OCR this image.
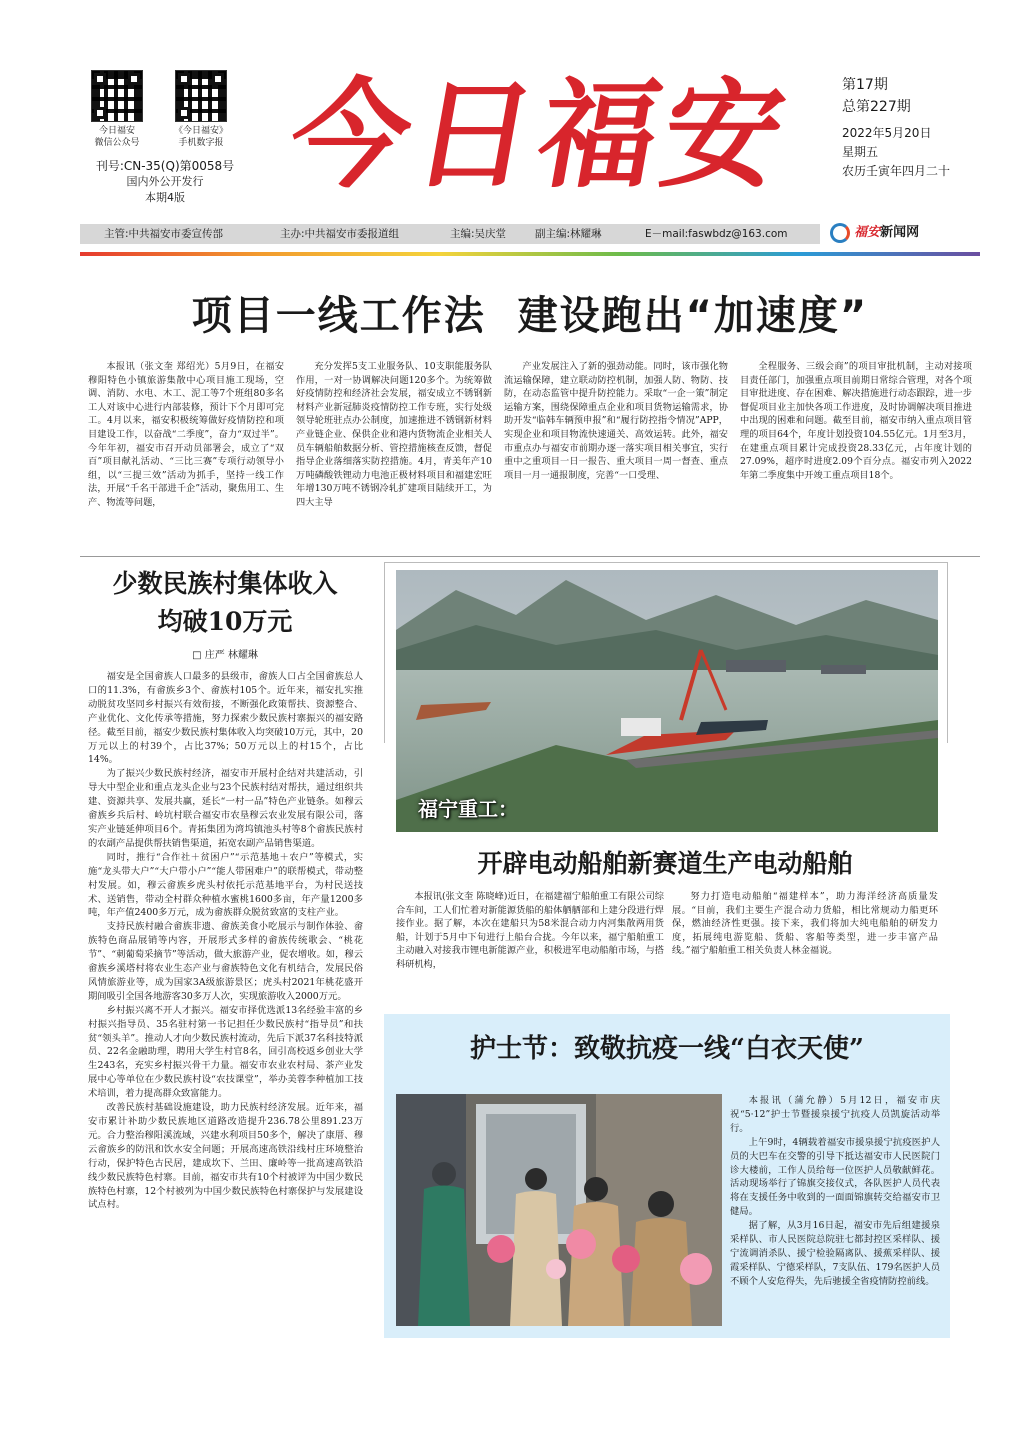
今日福安
微信公众号
《今日福安》
手机数字报
刊号:CN-35(Q)第0058号
国内外公开发行
本期4版 今日福安	第17期
总第227期
2022年5月20日
星期五
农历壬寅年四月二十
主管:中共福安市委宣传部	主办:中共福安市委报道组	主编:吴庆堂	副主编:林耀琳	E－mail:faswbdz@163.com	福安新闻网
项目一线工作法  建设跑出“加速度”
本报讯（张文奎 郑绍光）5月9日，在福安穆阳特色小镇旅游集散中心项目施工现场，空调、消防、水电、木工、泥工等7个班组80多名工人对该中心进行内部装修，预计下个月即可完工。4月以来，福安积极统筹做好疫情防控和项目建设工作，以奋战“二季度”，奋力“双过半”。今年年初，福安市召开动员部署会，成立了“双百”项目献礼活动、“三比三赛”专项行动领导小组，以“三提三效”活动为抓手，坚持一线工作法，开展“千名干部进千企”活动，聚焦用工、生产、物流等问题，
充分发挥5支工业服务队、10支职能服务队作用，一对一协调解决问题120多个。为统筹做好疫情防控和经济社会发展，福安成立不锈钢新材料产业新冠肺炎疫情防控工作专班，实行处级领导轮班驻点办公制度，加速推进不锈钢新材料产业链企业、保供企业和港内货物流企业相关人员车辆船舶数据分析、管控措施核查反馈，督促指导企业落细落实防控措施。4月，青美年产10万吨磷酸铁锂动力电池正极材料项目和福建宏旺年增130万吨不锈钢冷轧扩建项目陆续开工，为四大主导
产业发展注入了新的强劲动能。同时，该市强化物流运输保障，建立联动防控机制，加强人防、物防、技防，在动态监管中提升防控能力。采取“一企一策”制定运输方案，围绕保障重点企业和项目货物运输需求，协助开发“临韩车辆预申报”和“履行防控指令情况”APP，实现企业和项目物流快速通关、高效运转。此外，福安市重点办与福安市前期办逐一落实项目相关事宜，实行重中之重项目一日一报告、重大项目一周一督查、重点项目一月一通报制度，完善“一口受理、
全程服务、三级会商”的项目审批机制，主动对接项目责任部门，加强重点项目前期日常综合管理，对各个项目审批进度、存在困难、解决措施进行动态跟踪，进一步督促项目业主加快各项工作进度，及时协调解决项目推进中出现的困难和问题。截至目前，福安市纳入重点项目管理的项目64个，年度计划投资104.55亿元。1月至3月，在建重点项目累计完成投资28.33亿元，占年度计划的27.09%，超序时进度2.09个百分点。福安市列入2022年第二季度集中开竣工重点项目18个。
少数民族村集体收入
均破10万元
□ 庄严 林耀琳

福安是全国畲族人口最多的县级市，畲族人口占全国畲族总人口的11.3%，有畲族乡3个、畲族村105个。近年来，福安扎实推动脱贫攻坚同乡村振兴有效衔接，不断强化政策帮扶、资源整合、产业优化、文化传承等措施，努力探索少数民族村寨振兴的福安路径。截至目前，福安少数民族村集体收入均突破10万元，其中，20万元以上的村39个，占比37%；50万元以上的村15个，占比14%。

为了振兴少数民族村经济，福安市开展村企结对共建活动，引导大中型企业和重点龙头企业与23个民族村结对帮扶，通过组织共建、资源共享、发展共赢，延长“一村一品”特色产业链条。如穆云畲族乡兵后村、岭坑村联合福安市农垦穆云农业发展有限公司，落实产业链延伸项目6个。青拓集团为湾坞镇池头村等8个畲族民族村的农副产品提供帮扶销售渠道，拓宽农副产品销售渠道。

同时，推行“合作社＋贫困户”“示范基地＋农户”等模式，实施“龙头带大户”“大户带小户”“能人带困难户”的联帮模式，带动整村发展。如，穆云畲族乡虎头村依托示范基地平台，为村民送技术、送销售，带动全村群众种植水蜜桃1600多亩，年产量1200多吨，年产值2400多万元，成为畲族群众脱贫致富的支柱产业。

支持民族村融合畲族非遗、畲族美食小吃展示与制作体验、畲族特色商品展销等内容，开展形式多样的畲族传统歌会、“桃花节”、“刺葡萄采摘节”等活动，做大旅游产业，促农增收。如，穆云畲族乡溪塔村将农业生态产业与畲族特色文化有机结合，发展民俗风情旅游业等，成为国家3A级旅游景区；虎头村2021年桃花盛开期间吸引全国各地游客30多万人次，实现旅游收入2000万元。

乡村振兴离不开人才振兴。福安市择优选派13名经验丰富的乡村振兴指导员、35名驻村第一书记担任少数民族村“指导员”和扶贫“领头羊”。推动人才向少数民族村流动，先后下派37名科技特派员、22名金融助理，聘用大学生村官8名，回引高校返乡创业大学生243名，充实乡村振兴骨干力量。福安市农业农村局、茶产业发展中心等单位在少数民族村设“农技课堂”，举办美蓉李种植加工技术培训，着力提高群众致富能力。

改善民族村基础设施建设，助力民族村经济发展。近年来，福安市累计补助少数民族地区道路改造提升236.78公里891.23万元。合力整治穆阳溪流域，兴建水利项目50多个，解决了康厝、穆云畲族乡的防汛和饮水安全问题；开展高速高铁沿线村庄环境整治行动，保护特色古民居，建成坎下、兰田、廉岭等一批高速高铁沿线少数民族特色村寨。目前，福安市共有10个村被评为中国少数民族特色村寨，12个村被列为中国少数民族特色村寨保护与发展建设试点村。

福宁重工：
开辟电动船舶新赛道生产电动船舶
本报讯(张文奎 陈晓峰)近日，在福建福宁船舶重工有限公司综合车间，工人们忙着对新能源货船的船体舾舾部和上建分段进行焊接作业。据了解，本次在建船只为58米混合动力内河集散两用货船，计划于5月中下旬进行上船台合拢。今年以来，福宁船舶重工主动融入对接我市锂电新能源产业，积极进军电动船舶市场，与搭科研机构，
努力打造电动船舶“福建样本”，助力海洋经济高质量发展。“目前，我们主要生产混合动力货船，相比常规动力船更环保，燃油经济性更强。接下来，我们将加大纯电船舶的研发力度，拓展纯电游览船、货船、客船等类型，进一步丰富产品线。”福宁船舶重工相关负责人林金福说。
护士节：致敬抗疫一线“白衣天使”

本报讯（蒲允静）5月12日，福安市庆祝“5·12”护士节暨援泉援宁抗疫人员凯旋活动举行。

上午9时，4辆载着福安市援泉援宁抗疫医护人员的大巴车在交警的引导下抵达福安市人民医院门诊大楼前，工作人员给每一位医护人员敬献鲜花。活动现场举行了锦旗交接仪式，各队医护人员代表将在支援任务中收到的一面面锦旗转交给福安市卫健局。

据了解，从3月16日起，福安市先后组建援泉采样队、市人民医院总院驻七都封控区采样队、援宁流调消杀队、援宁检验隔离队、援蕉采样队、援霞采样队、宁德采样队，7支队伍、179名医护人员不顾个人安危得失，先后驰援全省疫情防控前线。
